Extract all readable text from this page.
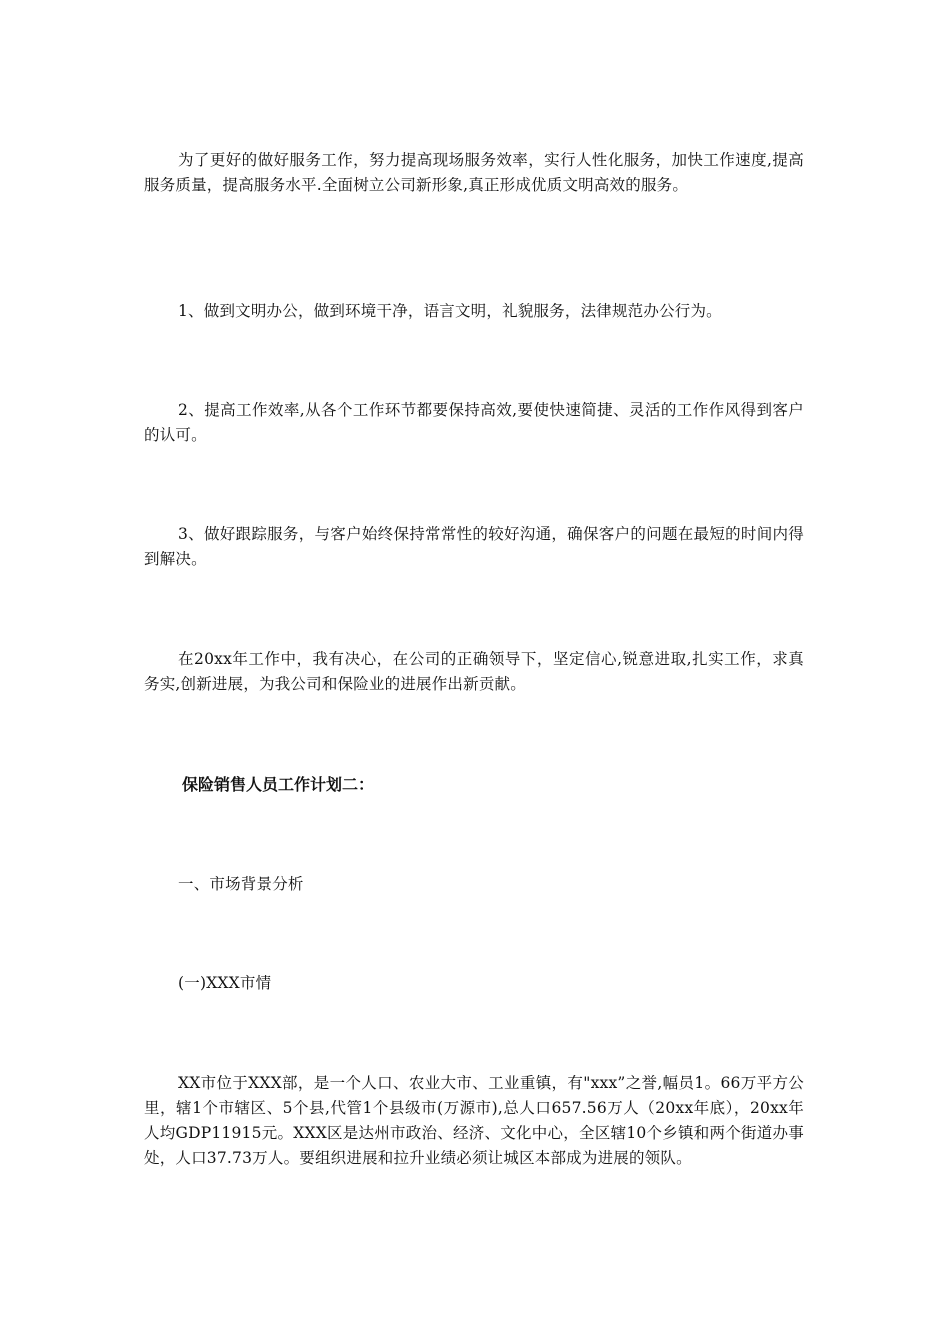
为了更好的做好服务工作，努力提高现场服务效率，实行人性化服务，加快工作速度,提高服务质量，提高服务水平.全面树立公司新形象,真正形成优质文明高效的服务。

1、做到文明办公，做到环境干净，语言文明，礼貌服务，法律规范办公行为。

2、提高工作效率,从各个工作环节都要保持高效,要使快速简捷、灵活的工作作风得到客户的认可。

3、做好跟踪服务，与客户始终保持常常性的较好沟通，确保客户的问题在最短的时间内得到解决。

在20xx年工作中，我有决心，在公司的正确领导下，坚定信心,锐意进取,扎实工作，求真务实,创新进展，为我公司和保险业的进展作出新贡献。

保险销售人员工作计划二：

一、市场背景分析

(一)XXX市情

XX市位于XXX部，是一个人口、农业大市、工业重镇，有"xxx”之誉,幅员1。66万平方公里，辖1个市辖区、5个县,代管1个县级市(万源市),总人口657.56万人（20xx年底），20xx年人均GDP11915元。XXX区是达州市政治、经济、文化中心，全区辖10个乡镇和两个街道办事处，人口37.73万人。要组织进展和拉升业绩必须让城区本部成为进展的领队。
